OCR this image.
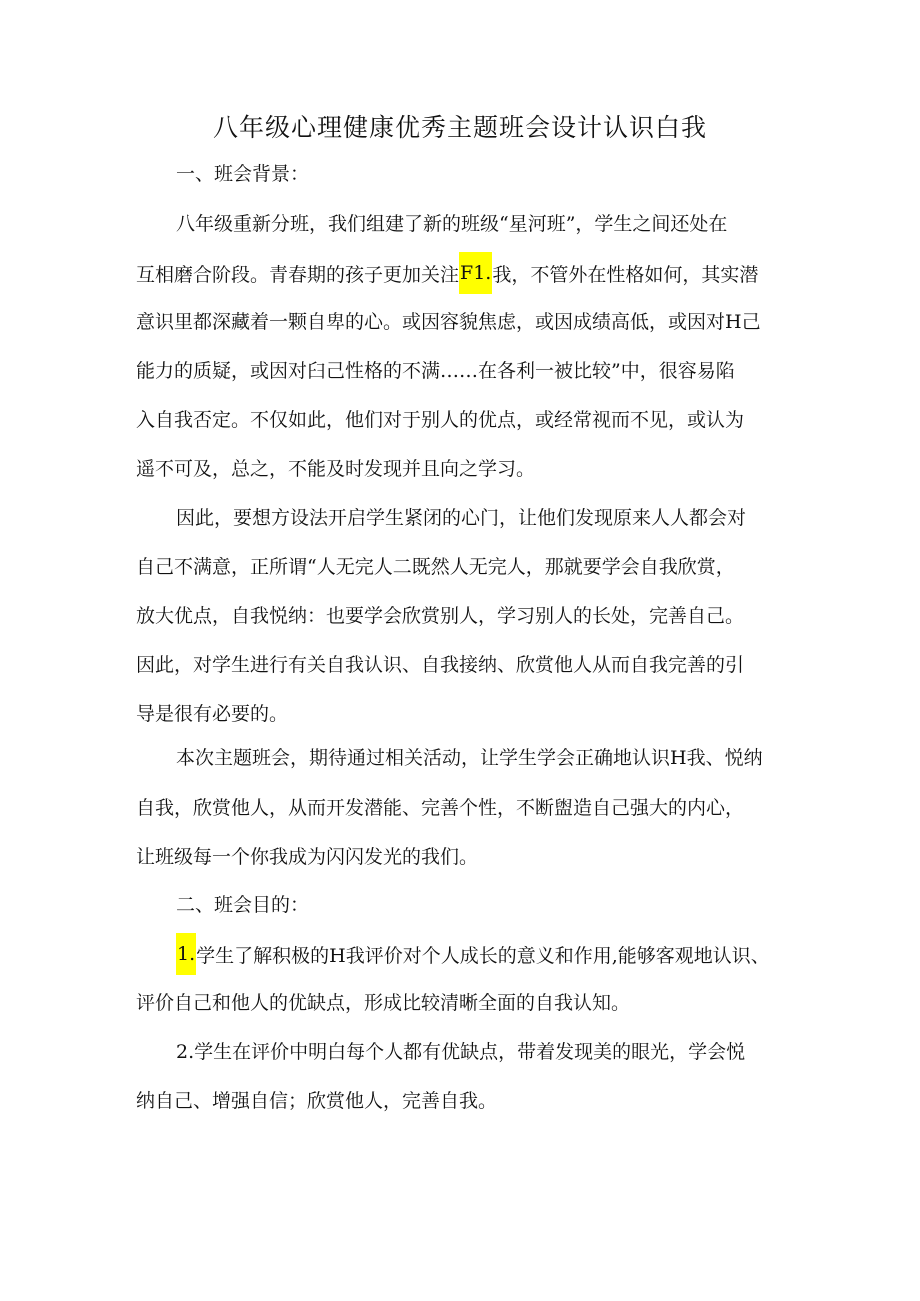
八年级心理健康优秀主题班会设计认识白我
一、班会背景：
八年级重新分班，我们组建了新的班级“星河班”，学生之间还处在
互相磨合阶段。青春期的孩子更加关注F1.我，不管外在性格如何，其实潜
意识里都深藏着一颗自卑的心。或因容貌焦虑，或因成绩高低，或因对H己
能力的质疑，或因对臼己性格的不满……在各利一被比较”中，很容易陷
入自我否定。不仅如此，他们对于别人的优点，或经常视而不见，或认为
遥不可及，总之，不能及时发现并且向之学习。
因此，要想方设法开启学生紧闭的心门，让他们发现原来人人都会对
自己不满意，正所谓“人无完人二既然人无完人，那就要学会自我欣赏，
放大优点，自我悦纳：也要学会欣赏别人，学习别人的长处，完善自己。
因此，对学生进行有关自我认识、自我接纳、欣赏他人从而自我完善的引
导是很有必要的。
本次主题班会，期待通过相关活动，让学生学会正确地认识H我、悦纳
自我，欣赏他人，从而开发潜能、完善个性，不断盥造自己强大的内心，
让班级每一个你我成为闪闪发光的我们。
二、班会目的：
1.学生了解积极的H我评价对个人成长的意义和作用,能够客观地认识、
评价自己和他人的优缺点，形成比较清晰全面的自我认知。
2.学生在评价中明白每个人都有优缺点，带着发现美的眼光，学会悦
纳自己、增强自信；欣赏他人，完善自我。
